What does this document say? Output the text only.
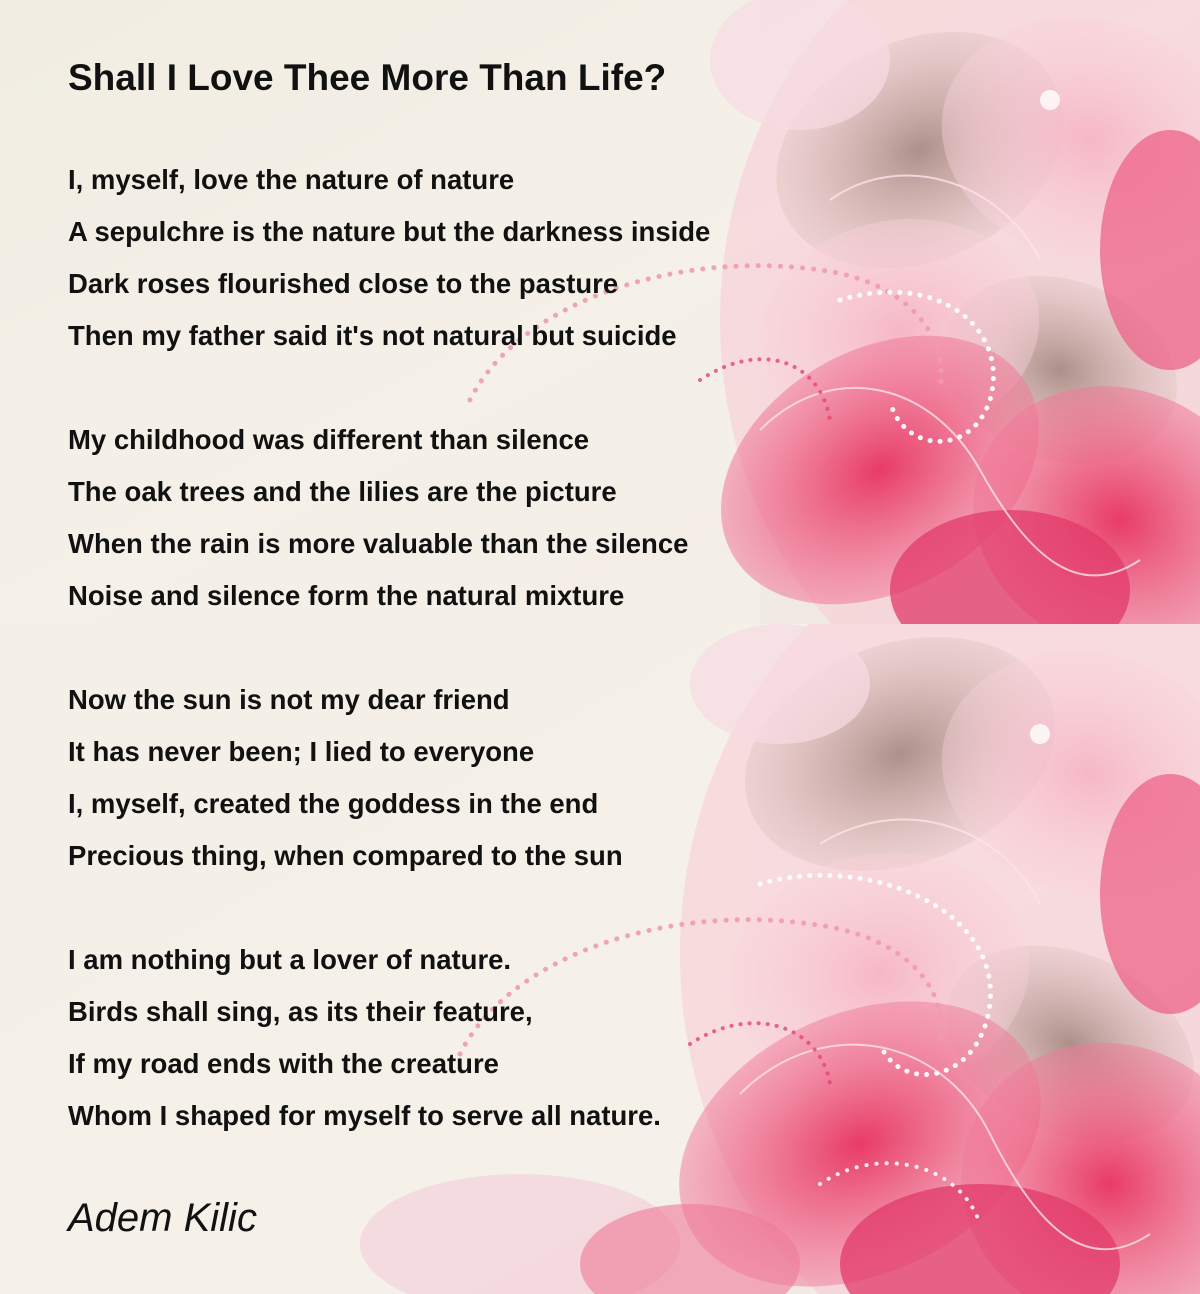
Shall I Love Thee More Than Life?
I, myself, love the nature of nature
A sepulchre is the nature but the darkness inside
Dark roses flourished close to the pasture
Then my father said it's not natural but suicide
My childhood was different than silence
The oak trees and the lilies are the picture
When the rain is more valuable than the silence
Noise and silence form the natural mixture
Now the sun is not my dear friend
It has never been; I lied to everyone
I, myself, created the goddess in the end
Precious thing, when compared to the sun
I am nothing but a lover of nature.
Birds shall sing, as its their feature,
If my road ends with the creature
Whom I shaped for myself to serve all nature.
Adem Kilic
